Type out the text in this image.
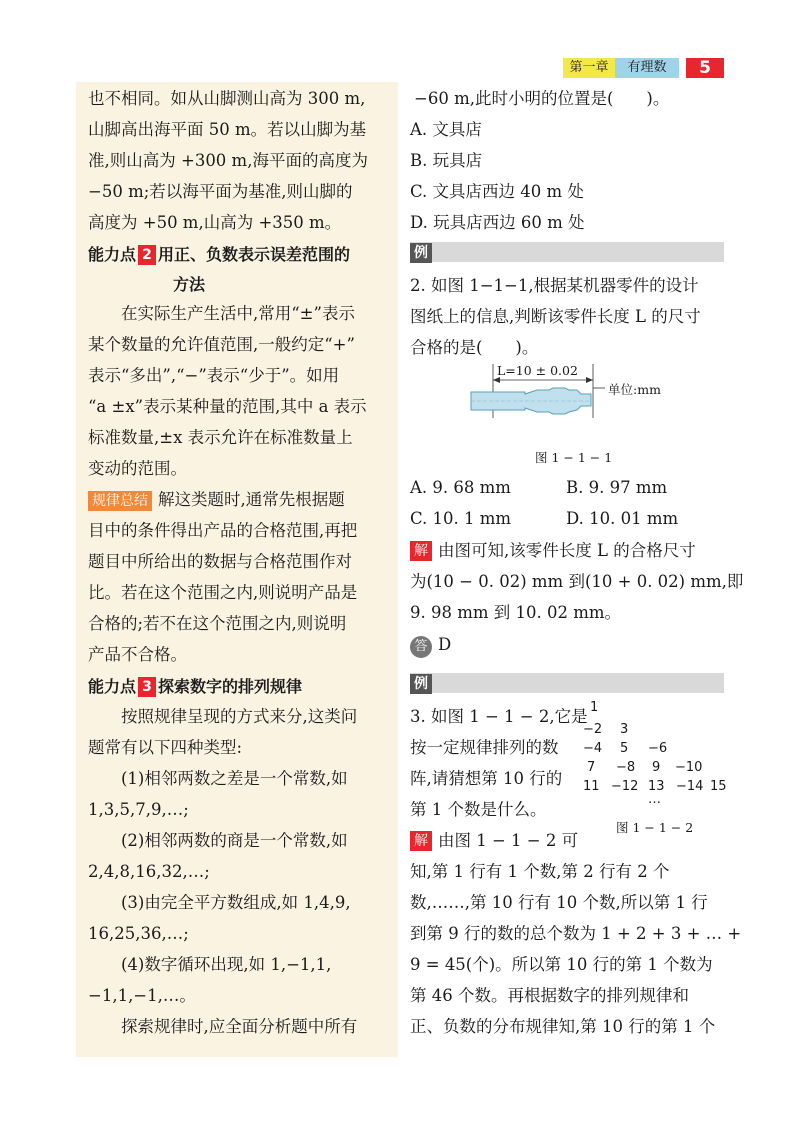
第一章	有理数	5
也不相同。如从山脚测山高为 300 m,
山脚高出海平面 50 m。若以山脚为基
准,则山高为 +300 m,海平面的高度为
−50 m;若以海平面为基准,则山脚的
高度为 +50 m,山高为 +350 m。
能力点 2 用正、负数表示误差范围的
方法
　　在实际生产生活中,常用“±”表示
某个数量的允许值范围,一般约定“+”
表示“多出”,“−”表示“少于”。如用
“a ±x”表示某种量的范围,其中 a 表示
标准数量,±x 表示允许在标准数量上
变动的范围。
规律总结 解这类题时,通常先根据题
目中的条件得出产品的合格范围,再把
题目中所给出的数据与合格范围作对
比。若在这个范围之内,则说明产品是
合格的;若不在这个范围之内,则说明
产品不合格。
能力点 3 探索数字的排列规律
　　按照规律呈现的方式来分,这类问
题常有以下四种类型:
　　(1)相邻两数之差是一个常数,如
1,3,5,7,9,…;
　　(2)相邻两数的商是一个常数,如
2,4,8,16,32,…;
　　(3)由完全平方数组成,如 1,4,9,
16,25,36,…;
　　(4)数字循环出现,如 1,−1,1,
−1,1,−1,…。
　　探索规律时,应全面分析题中所有
−60 m,此时小明的位置是(　　)。
A. 文具店
B. 玩具店
C. 文具店西边 40 m 处
D. 玩具店西边 60 m 处
例
2. 如图 1−1−1,根据某机器零件的设计
图纸上的信息,判断该零件长度 L 的尺寸
合格的是(　　)。
L=10 ± 0.02
单位:mm
图 1 − 1 − 1
A. 9. 68 mm	B. 9. 97 mm
C. 10. 1 mm	D. 10. 01 mm
解 由图可知,该零件长度 L 的合格尺寸
为(10 − 0. 02) mm 到(10 + 0. 02) mm,即
9. 98 mm 到 10. 02 mm。
答 D
例
3. 如图 1 − 1 − 2,它是
按一定规律排列的数
阵,请猜想第 10 行的
第 1 个数是什么。
1
−2 3
−4 5 −6
7 −8 9 −10
11 −12 13 −14 15
…
图 1 − 1 − 2
解 由图 1 − 1 − 2 可
知,第 1 行有 1 个数,第 2 行有 2 个
数,……,第 10 行有 10 个数,所以第 1 行
到第 9 行的数的总个数为 1 + 2 + 3 + … +
9 = 45(个)。所以第 10 行的第 1 个数为
第 46 个数。再根据数字的排列规律和
正、负数的分布规律知,第 10 行的第 1 个
